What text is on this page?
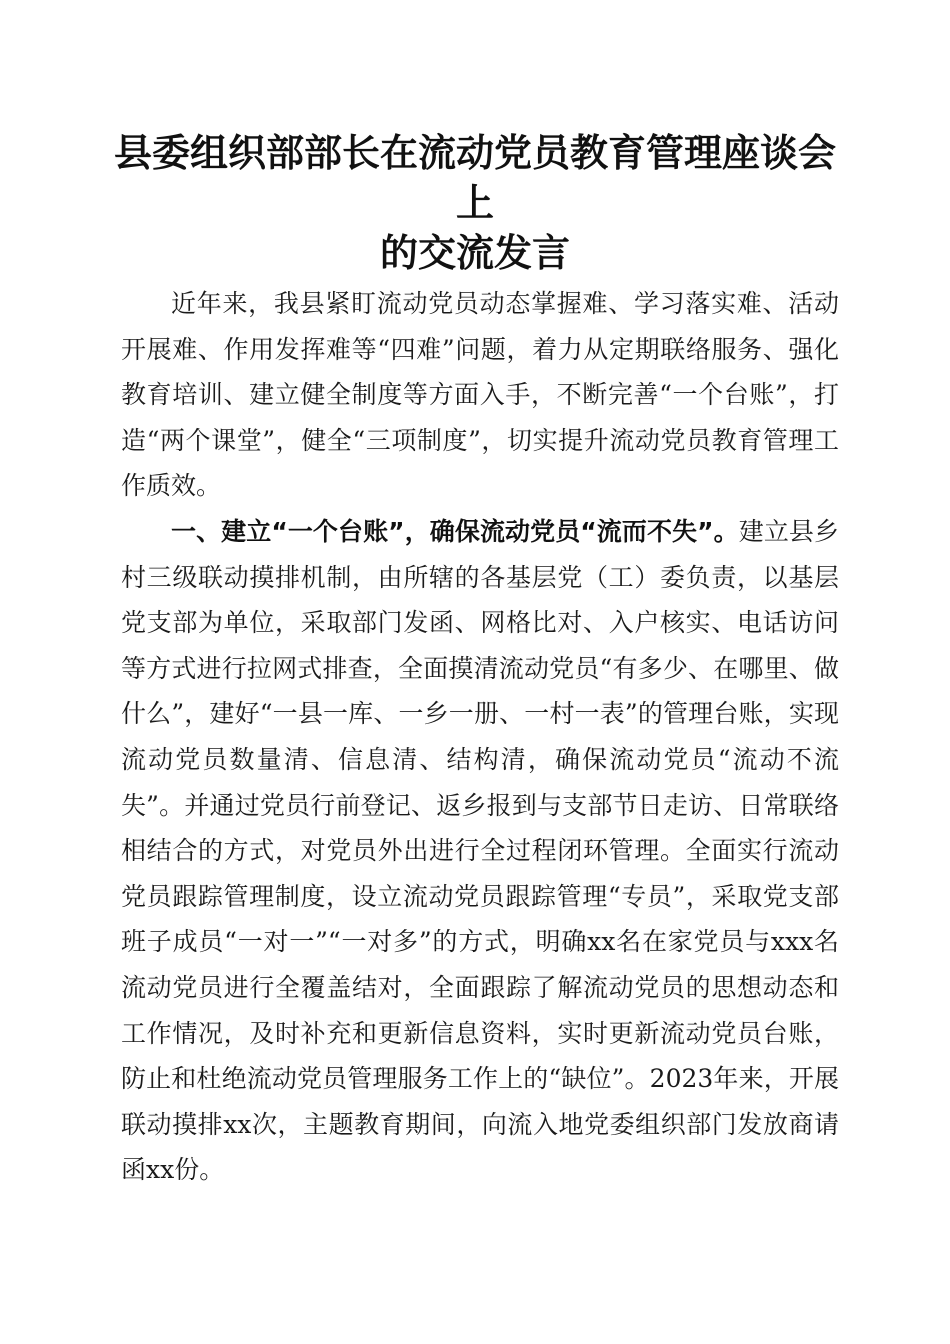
县委组织部部长在流动党员教育管理座谈会上
的交流发言

近年来，我县紧盯流动党员动态掌握难、学习落实难、活动开展难、作用发挥难等“四难”问题，着力从定期联络服务、强化教育培训、建立健全制度等方面入手，不断完善“一个台账”，打造“两个课堂”，健全“三项制度”，切实提升流动党员教育管理工作质效。

一、建立“一个台账”，确保流动党员“流而不失”。建立县乡村三级联动摸排机制，由所辖的各基层党（工）委负责，以基层党支部为单位，采取部门发函、网格比对、入户核实、电话访问等方式进行拉网式排查，全面摸清流动党员“有多少、在哪里、做什么”，建好“一县一库、一乡一册、一村一表”的管理台账，实现流动党员数量清、信息清、结构清，确保流动党员“流动不流失”。并通过党员行前登记、返乡报到与支部节日走访、日常联络相结合的方式，对党员外出进行全过程闭环管理。全面实行流动党员跟踪管理制度，设立流动党员跟踪管理“专员”，采取党支部班子成员“一对一”“一对多”的方式，明确xx名在家党员与xxx名流动党员进行全覆盖结对，全面跟踪了解流动党员的思想动态和工作情况，及时补充和更新信息资料，实时更新流动党员台账，防止和杜绝流动党员管理服务工作上的“缺位”。2023年来，开展联动摸排xx次，主题教育期间，向流入地党委组织部门发放商请函xx份。
